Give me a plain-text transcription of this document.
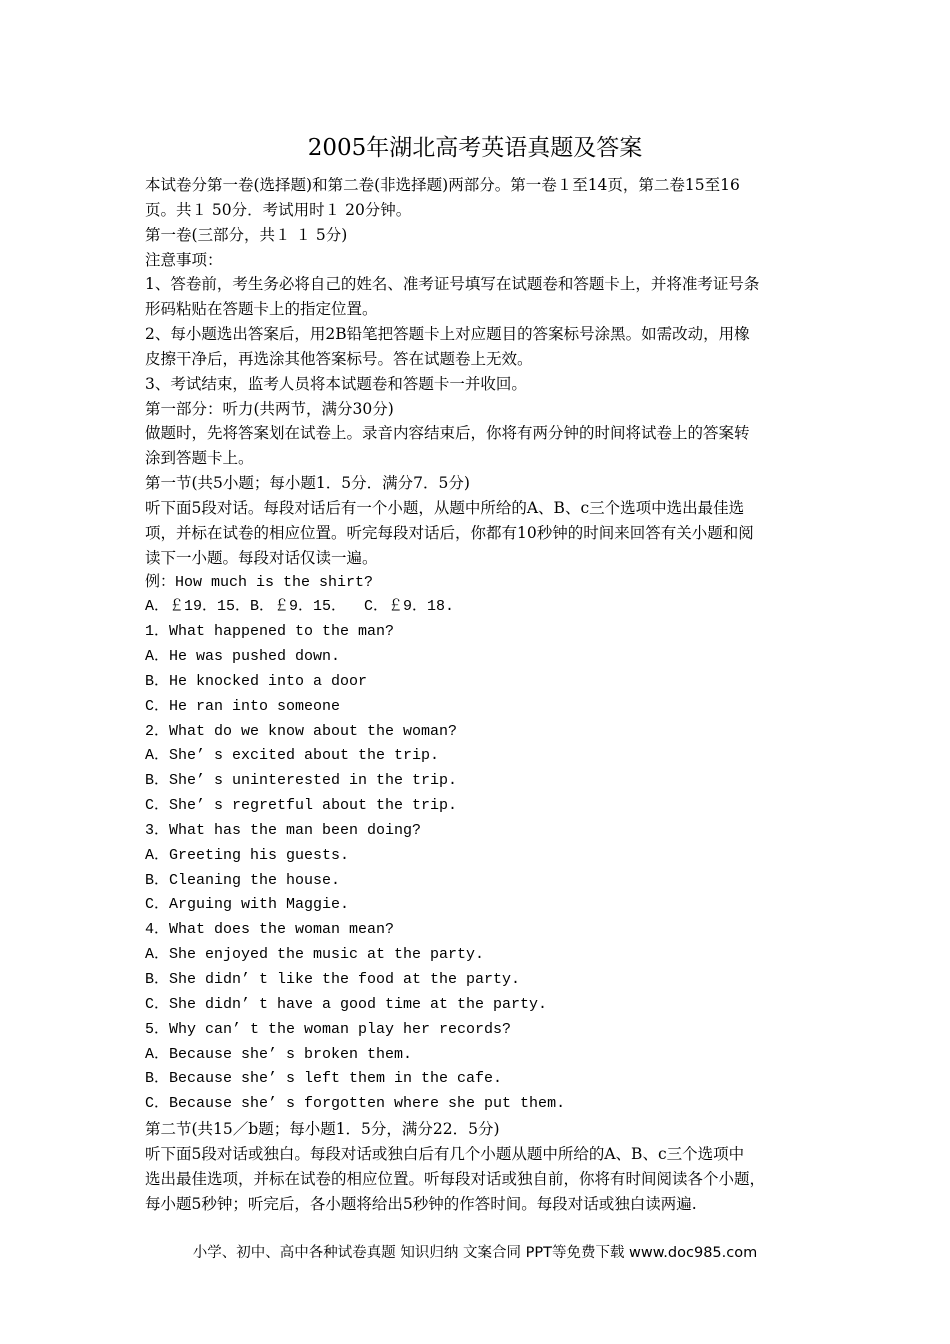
2005年湖北高考英语真题及答案
本试卷分第一卷(选择题)和第二卷(非选择题)两部分。第一卷１至14页，第二卷15至16
页。共１ 50分．考试用时１ 20分钟。
第一卷(三部分，共１ １ 5分)
注意事项：
1、答卷前，考生务必将自己的姓名、准考证号填写在试题卷和答题卡上，并将准考证号条
形码粘贴在答题卡上的指定位置。
2、每小题选出答案后，用2B铅笔把答题卡上对应题目的答案标号涂黑。如需改动，用橡
皮擦干净后，再选涂其他答案标号。答在试题卷上无效。
3、考试结束，监考人员将本试题卷和答题卡一并收回。
第一部分：听力(共两节，满分30分)
做题时，先将答案划在试卷上。录音内容结束后，你将有两分钟的时间将试卷上的答案转
涂到答题卡上。
第一节(共5小题；每小题1．5分．满分7．5分)
听下面5段对话。每段对话后有一个小题，从题中所给的A、B、c三个选项中选出最佳选
项，并标在试卷的相应位置。听完每段对话后，你都有10秒钟的时间来回答有关小题和阅
读下一小题。每段对话仅读一遍。
例：How much is the shirt?
A．￡19．15．B．￡9．15．  C．￡9．18.
1．What happened to the man?
A．He was pushed down.
B．He knocked into a door
C．He ran into someone
2．What do we know about the woman?
A．She’ s excited about the trip.
B．She’ s uninterested in the trip.
C．She’ s regretful about the trip.
3．What has the man been doing?
A．Greeting his guests.
B．Cleaning the house.
C．Arguing with Maggie.
4．What does the woman mean?
A．She enjoyed the music at the party.
B．She didn’ t like the food at the party.
C．She didn’ t have a good time at the party.
5．Why can’ t the woman play her records?
A．Because she’ s broken them.
B．Because she’ s left them in the cafe.
C．Because she’ s forgotten where she put them.
第二节(共15／b题；每小题1．5分，满分22．5分)
听下面5段对话或独白。每段对话或独白后有几个小题从题中所给的A、B、c三个选项中
选出最佳选项，并标在试卷的相应位置。听每段对话或独自前，你将有时间阅读各个小题，
每小题5秒钟；听完后，各小题将给出5秒钟的作答时间。每段对话或独白读两遍.
小学、初中、高中各种试卷真题 知识归纳 文案合同 PPT等免费下载 www.doc985.com
